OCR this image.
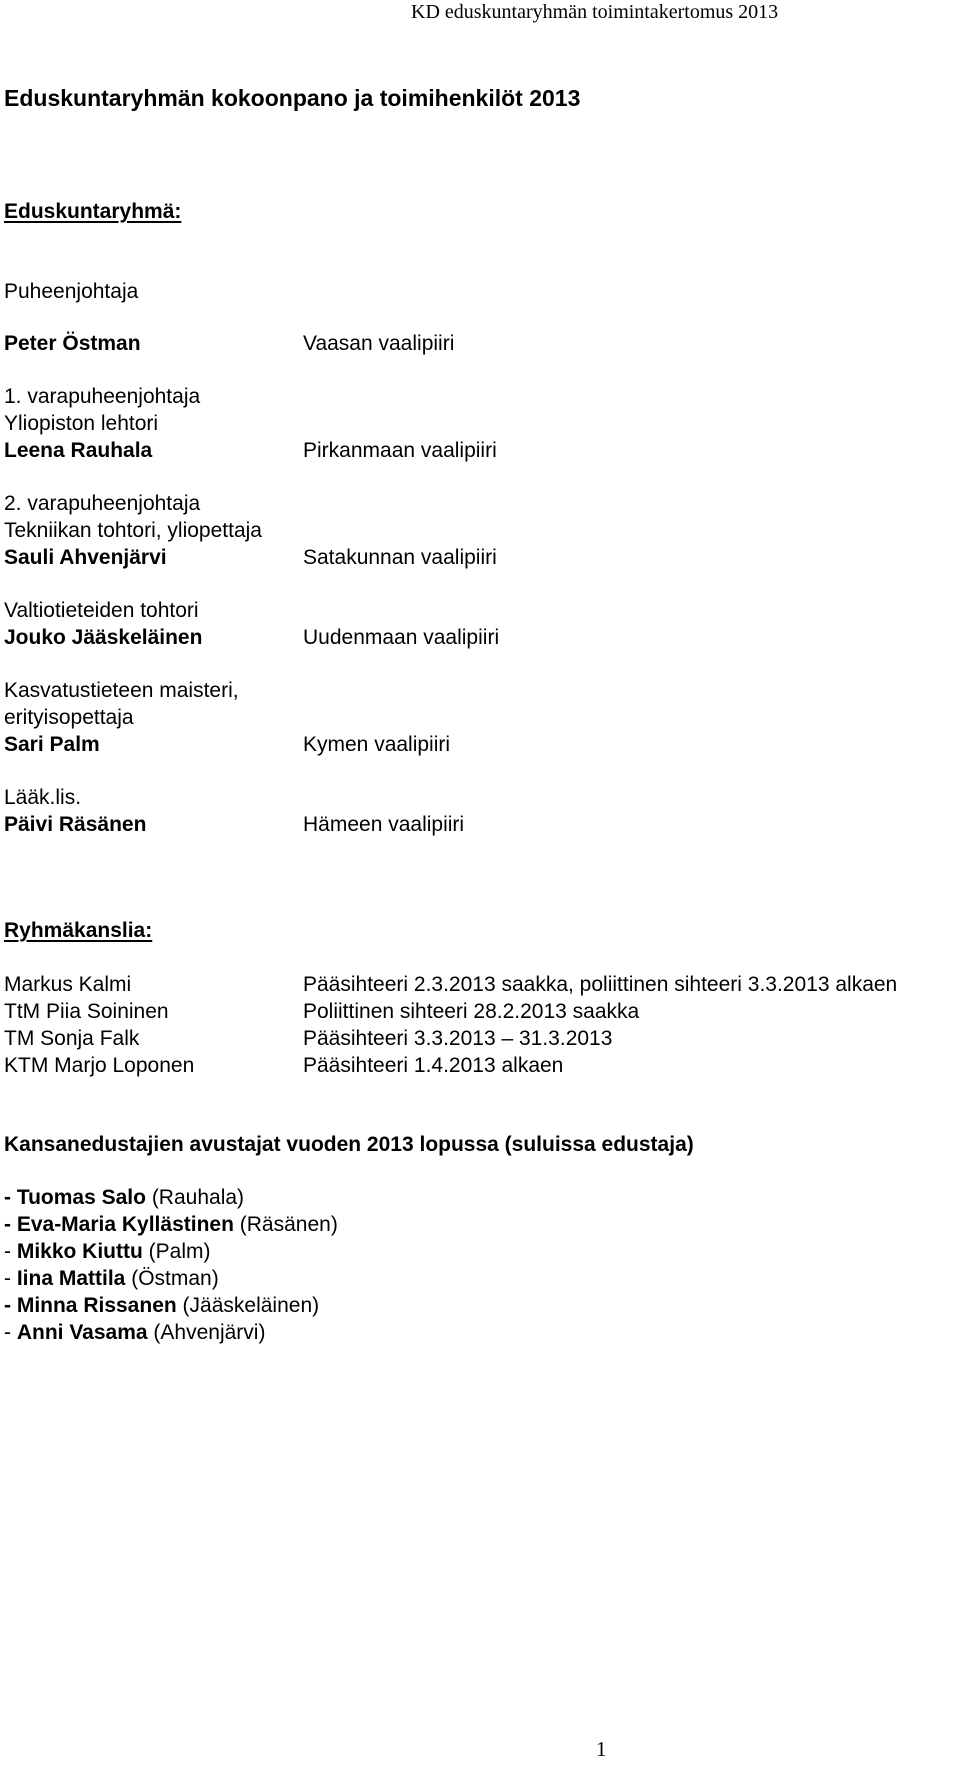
KD eduskuntaryhmän toimintakertomus 2013
Eduskuntaryhmän kokoonpano ja toimihenkilöt 2013
Eduskuntaryhmä:
Puheenjohtaja
Peter Östman	Vaasan vaalipiiri
1. varapuheenjohtaja
Yliopiston lehtori
Leena Rauhala	Pirkanmaan vaalipiiri
2. varapuheenjohtaja
Tekniikan tohtori, yliopettaja
Sauli Ahvenjärvi	Satakunnan vaalipiiri
Valtiotieteiden tohtori
Jouko Jääskeläinen	Uudenmaan vaalipiiri
Kasvatustieteen maisteri,
erityisopettaja
Sari Palm	Kymen vaalipiiri
Lääk.lis.
Päivi Räsänen	Hämeen vaalipiiri
Ryhmäkanslia:
Markus Kalmi	Pääsihteeri 2.3.2013 saakka, poliittinen sihteeri 3.3.2013 alkaen
TtM Piia Soininen	Poliittinen sihteeri 28.2.2013 saakka
TM Sonja Falk	Pääsihteeri 3.3.2013 – 31.3.2013
KTM Marjo Loponen	Pääsihteeri 1.4.2013 alkaen
Kansanedustajien avustajat vuoden 2013 lopussa (suluissa edustaja)
- Tuomas Salo (Rauhala)
- Eva-Maria Kyllästinen (Räsänen)
- Mikko Kiuttu (Palm)
- Iina Mattila (Östman)
- Minna Rissanen (Jääskeläinen)
- Anni Vasama (Ahvenjärvi)
1
